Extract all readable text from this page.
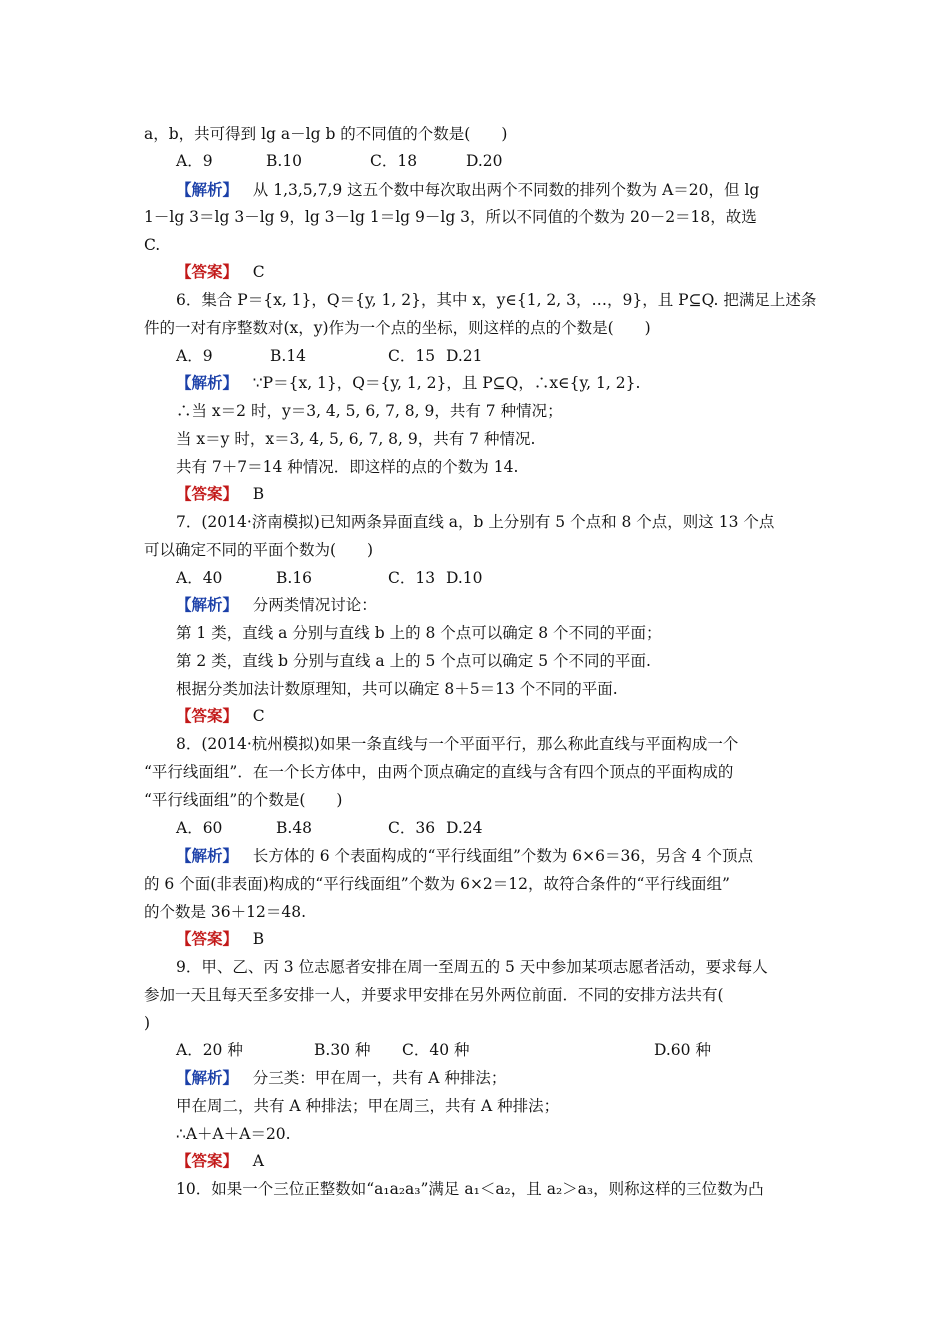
a，b，共可得到 lg a－lg b 的不同值的个数是(　　)
A．9	B.10	C．18	D.20
【解析】 从 1,3,5,7,9 这五个数中每次取出两个不同数的排列个数为 A＝20，但 lg
1－lg 3＝lg 3－lg 9，lg 3－lg 1＝lg 9－lg 3，所以不同值的个数为 20－2＝18，故选
C.
【答案】 C
6．集合 P＝{x, 1}，Q＝{y, 1, 2}，其中 x，y∈{1, 2, 3，…，9}，且 P⊆Q. 把满足上述条
件的一对有序整数对(x，y)作为一个点的坐标，则这样的点的个数是(　　)
A．9	B.14	C．15 D.21
【解析】 ∵P＝{x, 1}，Q＝{y, 1, 2}，且 P⊆Q，∴x∈{y, 1, 2}.
∴当 x＝2 时，y＝3, 4, 5, 6, 7, 8, 9，共有 7 种情况；
当 x＝y 时，x＝3, 4, 5, 6, 7, 8, 9，共有 7 种情况.
共有 7＋7＝14 种情况．即这样的点的个数为 14.
【答案】 B
7．(2014·济南模拟)已知两条异面直线 a，b 上分别有 5 个点和 8 个点，则这 13 个点
可以确定不同的平面个数为(　　)
A．40	B.16	C．13 D.10
【解析】 分两类情况讨论：
第 1 类，直线 a 分别与直线 b 上的 8 个点可以确定 8 个不同的平面；
第 2 类，直线 b 分别与直线 a 上的 5 个点可以确定 5 个不同的平面.
根据分类加法计数原理知，共可以确定 8＋5＝13 个不同的平面.
【答案】 C
8．(2014·杭州模拟)如果一条直线与一个平面平行，那么称此直线与平面构成一个
“平行线面组”．在一个长方体中，由两个顶点确定的直线与含有四个顶点的平面构成的
“平行线面组”的个数是(　　)
A．60	B.48	C．36 D.24
【解析】 长方体的 6 个表面构成的“平行线面组”个数为 6×6＝36，另含 4 个顶点
的 6 个面(非表面)构成的“平行线面组”个数为 6×2＝12，故符合条件的“平行线面组”
的个数是 36＋12＝48.
【答案】 B
9．甲、乙、丙 3 位志愿者安排在周一至周五的 5 天中参加某项志愿者活动，要求每人
参加一天且每天至多安排一人，并要求甲安排在另外两位前面．不同的安排方法共有(
)
A．20 种	B.30 种 C．40 种	D.60 种
【解析】 分三类：甲在周一，共有 A 种排法；
甲在周二，共有 A 种排法；甲在周三，共有 A 种排法；
∴A＋A＋A＝20.
【答案】 A
10．如果一个三位正整数如“a₁a₂a₃”满足 a₁＜a₂，且 a₂＞a₃，则称这样的三位数为凸
